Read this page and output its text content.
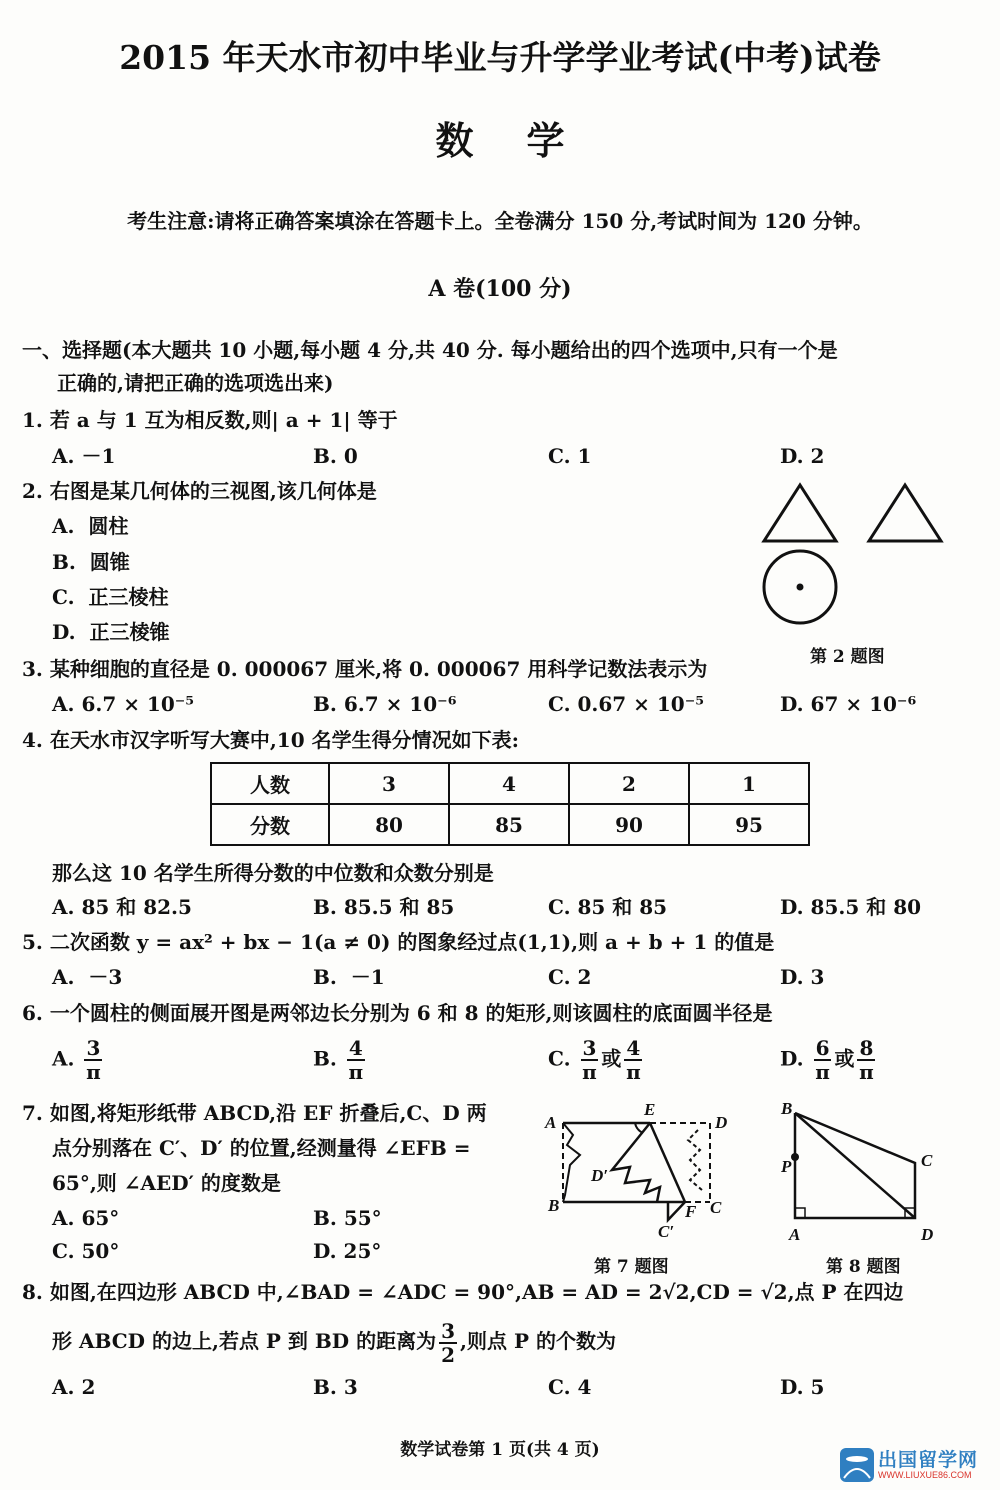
2015 年天水市初中毕业与升学学业考试(中考)试卷
数    学
考生注意:请将正确答案填涂在答题卡上。全卷满分 150 分,考试时间为 120 分钟。
A 卷(100 分)
一、选择题(本大题共 10 小题,每小题 4 分,共 40 分. 每小题给出的四个选项中,只有一个是
正确的,请把正确的选项选出来)
1. 若 a 与 1 互为相反数,则| a + 1| 等于
A. －1	B. 0	C. 1	D. 2
2. 右图是某几何体的三视图,该几何体是
A.  圆柱
B.  圆锥
C.  正三棱柱
D.  正三棱锥
第 2 题图
3. 某种细胞的直径是 0. 000067 厘米,将 0. 000067 用科学记数法表示为
A. 6.7 × 10⁻⁵	B. 6.7 × 10⁻⁶	C. 0.67 × 10⁻⁵	D. 67 × 10⁻⁶
4. 在天水市汉字听写大赛中,10 名学生得分情况如下表:
人数	3	4	2	1
分数	80	85	90	95
那么这 10 名学生所得分数的中位数和众数分别是
A. 85 和 82.5	B. 85.5 和 85	C. 85 和 85	D. 85.5 和 80
5. 二次函数 y = ax² + bx − 1(a ≠ 0) 的图象经过点(1,1),则 a + b + 1 的值是
A.  －3	B.  －1	C. 2	D. 3
6. 一个圆柱的侧面展开图是两邻边长分别为 6 和 8 的矩形,则该圆柱的底面圆半径是
A. $\frac{3}{\pi}$	B. $\frac{4}{\pi}$	C. $\frac{3}{\pi}$ 或 $\frac{4}{\pi}$	D. $\frac{6}{\pi}$ 或 $\frac{8}{\pi}$
7. 如图,将矩形纸带 ABCD,沿 EF 折叠后,C、D 两
点分别落在 C′、D′ 的位置,经测量得 ∠EFB =
65°,则 ∠AED′ 的度数是
A. 65°	B. 55°
C. 50°	D. 25°
A
E
D
D′
B	F C
C′
第 7 题图
B
P	C
A	D
第 8 题图
8. 如图,在四边形 ABCD 中,∠BAD = ∠ADC = 90°,AB = AD = 2√2,CD = √2,点 P 在四边
形 ABCD 的边上,若点 P 到 BD 的距离为 $\frac{3}{2}$ ,则点 P 的个数为
A. 2	B. 3	C. 4	D. 5
数学试卷第 1 页(共 4 页)	出国留学网
WWW.LIUXUE86.COM
